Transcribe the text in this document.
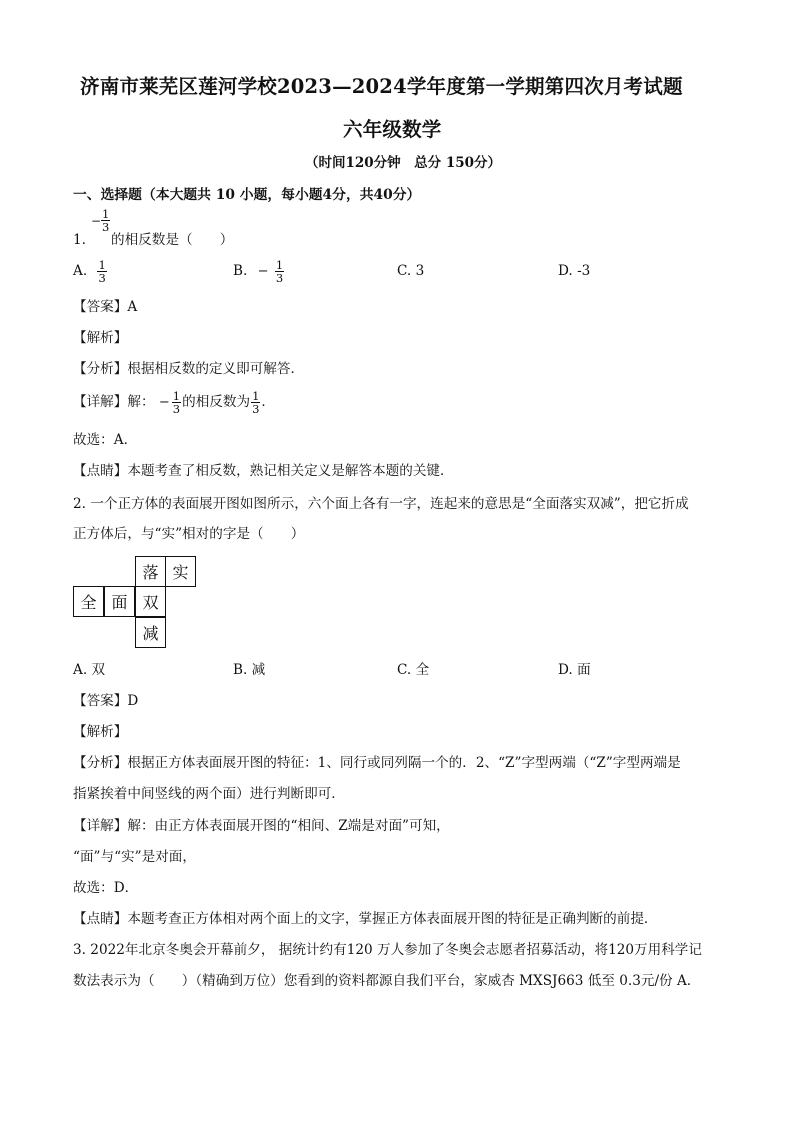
济南市莱芜区莲河学校2023—2024学年度第一学期第四次月考试题
六年级数学
（时间120分钟　总分 150分）
一、选择题（本大题共 10 小题，每小题4分，共40分）
− $\frac{1}{3}$
1. 的相反数是（　　）
A. $\frac{1}{3}$	B. − $\frac{1}{3}$	C. 3	D. -3
【答案】A
【解析】
【分析】根据相反数的定义即可解答．
【详解】解： − $\frac{1}{3}$ 的相反数为 $\frac{1}{3}$ ．
故选：A．
【点睛】本题考查了相反数，熟记相关定义是解答本题的关键．
2. 一个正方体的表面展开图如图所示，六个面上各有一字，连起来的意思是“全面落实双减”，把它折成
正方体后，与“实”相对的字是（　　）
落 实
全 面 双
减
A. 双	B. 减	C. 全	D. 面
【答案】D
【解析】
【分析】根据正方体表面展开图的特征：1、同行或同列隔一个的．2、“Z”字型两端（“Z”字型两端是
指紧挨着中间竖线的两个面）进行判断即可．
【详解】解：由正方体表面展开图的“相间、Z端是对面”可知，
“面”与“实”是对面，
故选：D．
【点睛】本题考查正方体相对两个面上的文字，掌握正方体表面展开图的特征是正确判断的前提．
3. 2022年北京冬奥会开幕前夕， 据统计约有120 万人参加了冬奥会志愿者招募活动，将120万用科学记
数法表示为（　　）（精确到万位）您看到的资料都源自我们平台，家威杏 MXSJ663 低至 0.3元/份 A.
